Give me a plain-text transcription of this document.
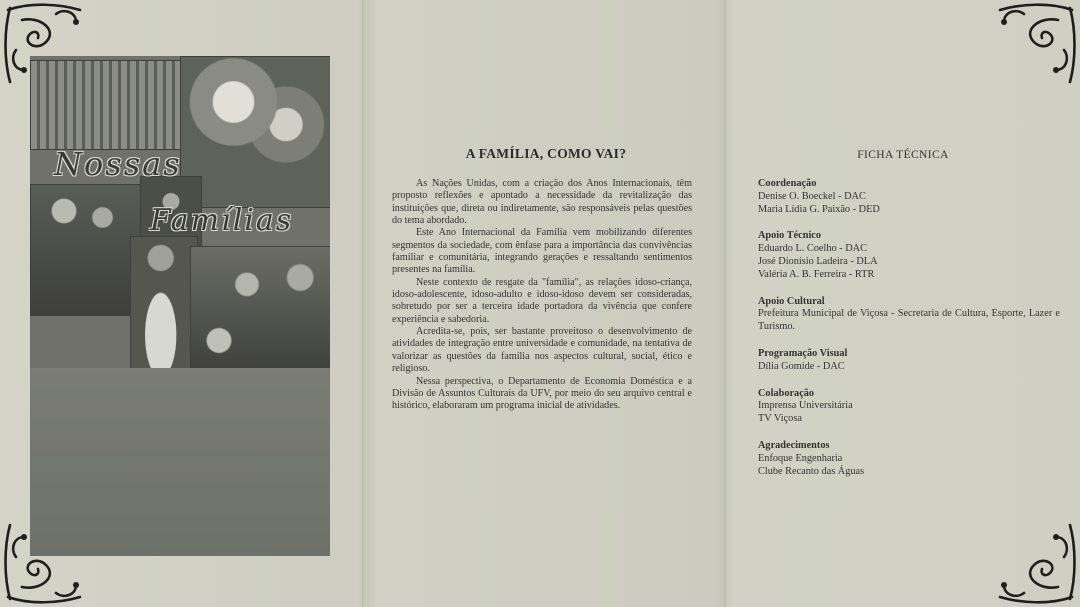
Nossas
Famílias
A FAMÍLIA, COMO VAI?

As Nações Unidas, com a criação dos Anos Internacionais, têm proposto reflexões e apontado a necessidade da revitalização das instituições que, direta ou indiretamente, são responsáveis pelas questões do tema abordado.

Este Ano Internacional da Família vem mobilizando diferentes segmentos da sociedade, com ênfase para a importância das convivências familiar e comunitária, integrando gerações e ressaltando sentimentos presentes na família.

Neste contexto de resgate da "família", as relações idoso-criança, idoso-adolescente, idoso-adulto e idoso-idoso devem ser consideradas, sobretudo por ser a terceira idade portadora da vivência que confere experiência e sabedoria.

Acredita-se, pois, ser bastante proveitoso o desenvolvimento de atividades de integração entre universidade e comunidade, na tentativa de valorizar as questões da família nos aspectos cultural, social, ético e religioso.

Nessa perspectiva, o Departamento de Economia Doméstica e a Divisão de Assuntos Culturais da UFV, por meio do seu arquivo central e histórico, elaboraram um programa inicial de atividades.

FICHA TÉCNICA
Coordenação
Denise O. Boeckel - DAC
Maria Lídia G. Paixão - DED
Apoio Técnico
Eduardo L. Coelho - DAC
José Dionísio Ladeira - DLA
Valéria A. B. Ferreira - RTR
Apoio Cultural
Prefeitura Municipal de Viçosa - Secretaria de Cultura, Esporte, Lazer e Turismo.
Programação Visual
Dília Gomide - DAC
Colaboração
Imprensa Universitária
TV Viçosa
Agradecimentos
Enfoque Engenharia
Clube Recanto das Águas
